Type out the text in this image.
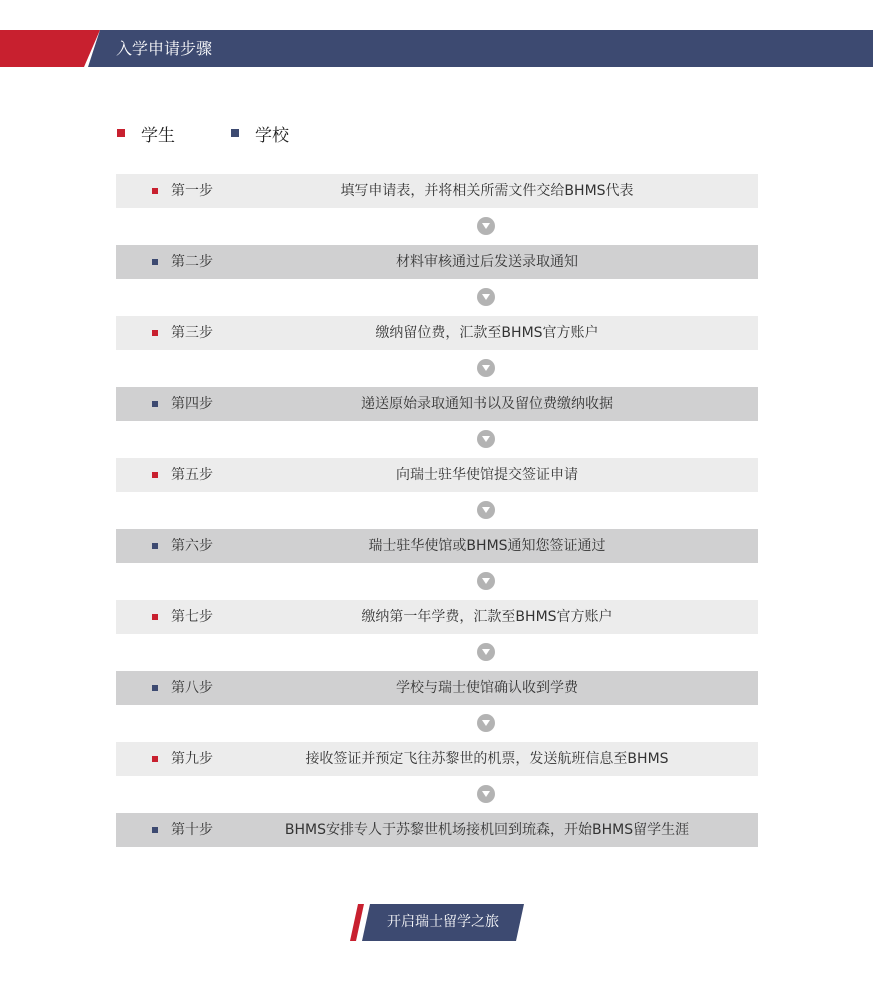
入学申请步骤
学生	学校
第一步	填写申请表，并将相关所需文件交给BHMS代表
第二步	材料审核通过后发送录取通知
第三步	缴纳留位费，汇款至BHMS官方账户
第四步	递送原始录取通知书以及留位费缴纳收据
第五步	向瑞士驻华使馆提交签证申请
第六步	瑞士驻华使馆或BHMS通知您签证通过
第七步	缴纳第一年学费，汇款至BHMS官方账户
第八步	学校与瑞士使馆确认收到学费
第九步	接收签证并预定飞往苏黎世的机票，发送航班信息至BHMS
第十步	BHMS安排专人于苏黎世机场接机回到琉森，开始BHMS留学生涯
开启瑞士留学之旅
